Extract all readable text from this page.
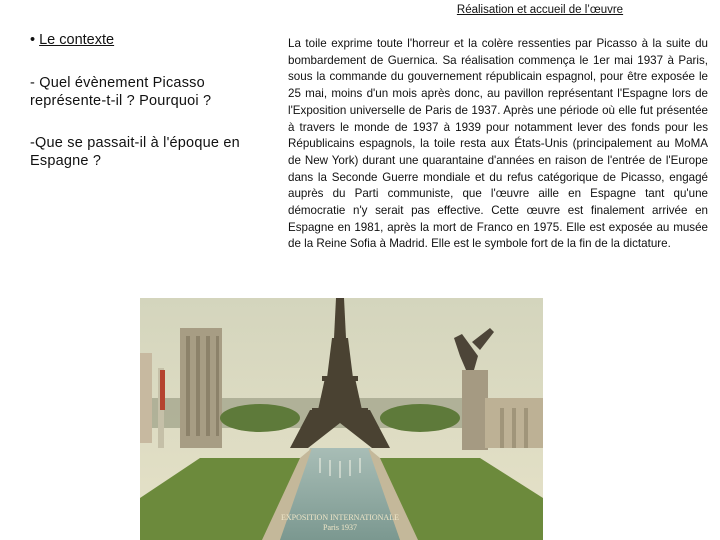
Réalisation et accueil de l’œuvre

• Le contexte

- Quel évènement Picasso représente-t-il ? Pourquoi ?

-Que se passait-il à l'époque en Espagne ?

La toile exprime toute l'horreur et la colère ressenties par Picasso à la suite du bombardement de Guernica. Sa réalisation commença le 1er mai 1937 à Paris, sous la commande du gouvernement républicain espagnol, pour être exposée le 25 mai, moins d'un mois après donc, au pavillon représentant l'Espagne lors de l'Exposition universelle de Paris de 1937. Après une période où elle fut présentée à travers le monde de 1937 à 1939 pour notamment lever des fonds pour les Républicains espagnols, la toile resta aux États-Unis (principalement au MoMA de New York) durant une quarantaine d'années en raison de l'entrée de l'Europe dans la Seconde Guerre mondiale et du refus catégorique de Picasso, engagé auprès du Parti communiste, que l'œuvre aille en Espagne tant qu'une démocratie n'y serait pas effective. Cette œuvre est finalement arrivée en Espagne en 1981, après la mort de Franco en 1975. Elle est exposée au musée de la Reine Sofia à Madrid. Elle est le symbole fort de la fin de la dictature.
EXPOSITION INTERNATIONALE
Paris 1937
